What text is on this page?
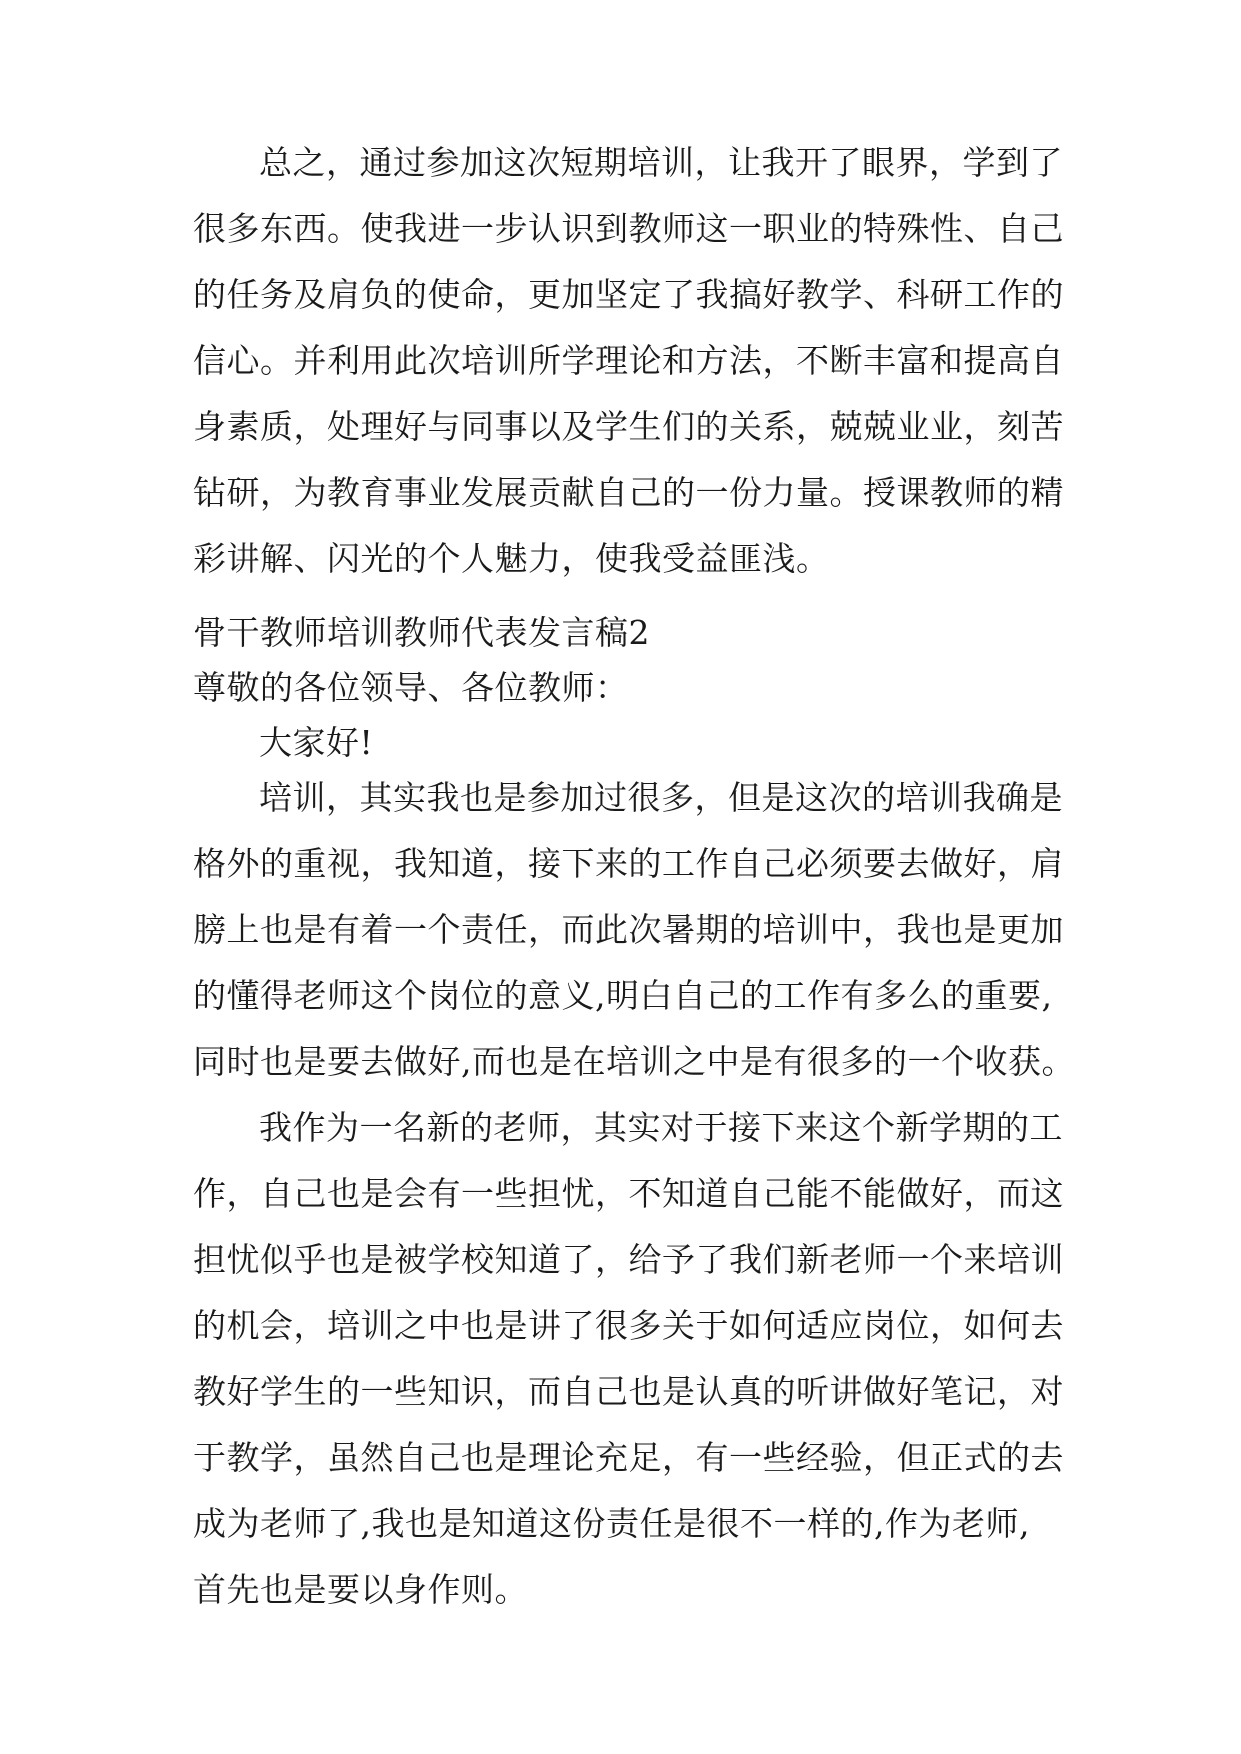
总之，通过参加这次短期培训，让我开了眼界，学到了
很多东西。使我进一步认识到教师这一职业的特殊性、自己
的任务及肩负的使命，更加坚定了我搞好教学、科研工作的
信心。并利用此次培训所学理论和方法，不断丰富和提高自
身素质，处理好与同事以及学生们的关系，兢兢业业，刻苦
钻研，为教育事业发展贡献自己的一份力量。授课教师的精
彩讲解、闪光的个人魅力，使我受益匪浅。
骨干教师培训教师代表发言稿2
尊敬的各位领导、各位教师：
大家好!
培训，其实我也是参加过很多，但是这次的培训我确是
格外的重视，我知道，接下来的工作自己必须要去做好，肩
膀上也是有着一个责任，而此次暑期的培训中，我也是更加
的懂得老师这个岗位的意义,明白自己的工作有多么的重要,
同时也是要去做好,而也是在培训之中是有很多的一个收获。
我作为一名新的老师，其实对于接下来这个新学期的工
作，自己也是会有一些担忧，不知道自己能不能做好，而这
担忧似乎也是被学校知道了，给予了我们新老师一个来培训
的机会，培训之中也是讲了很多关于如何适应岗位，如何去
教好学生的一些知识，而自己也是认真的听讲做好笔记，对
于教学，虽然自己也是理论充足，有一些经验，但正式的去
成为老师了,我也是知道这份责任是很不一样的,作为老师,
首先也是要以身作则。
